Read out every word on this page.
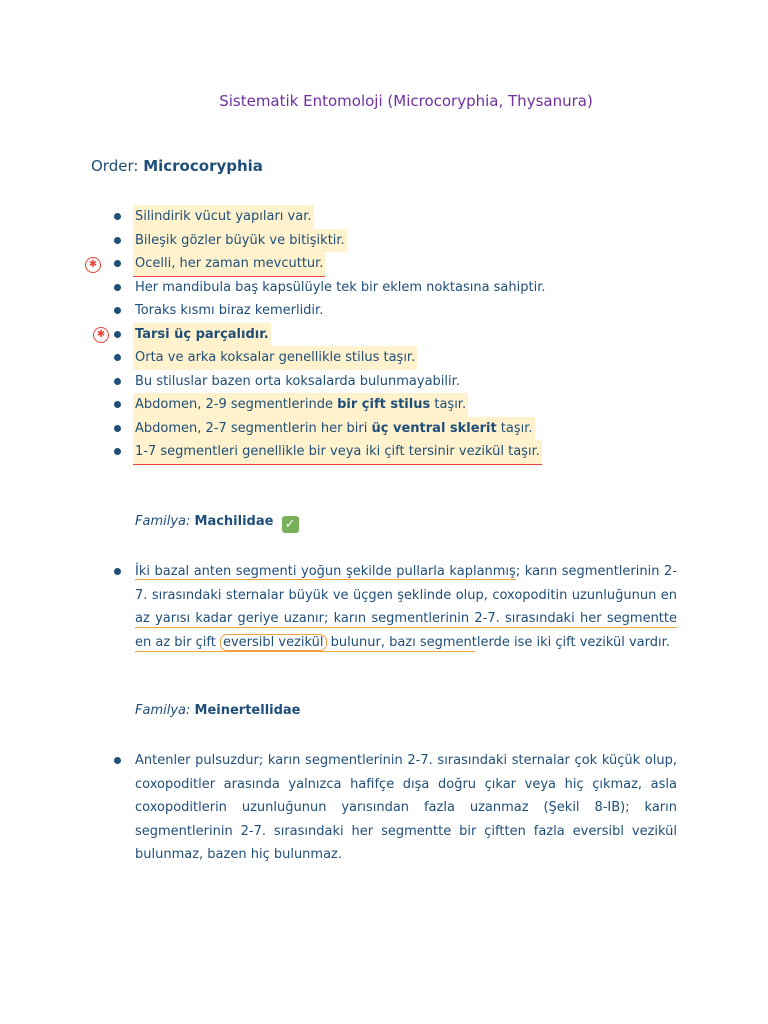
Sistematik Entomoloji (Microcoryphia, Thysanura)
Order: Microcoryphia
✱
✱
Silindirik vücut yapıları var.
Bileşik gözler büyük ve bitişiktir.
Ocelli, her zaman mevcuttur.
Her mandibula baş kapsülüyle tek bir eklem noktasına sahiptir.
Toraks kısmı biraz kemerlidir.
Tarsi üç parçalıdır.
Orta ve arka koksalar genellikle stilus taşır.
Bu stiluslar bazen orta koksalarda bulunmayabilir.
Abdomen, 2-9 segmentlerinde bir çift stilus taşır.
Abdomen, 2-7 segmentlerin her biri üç ventral sklerit taşır.
1-7 segmentleri genellikle bir veya iki çift tersinir vezikül taşır.
Familya: Machilidae ✓
İki bazal anten segmenti yoğun şekilde pullarla kaplanmış; karın segmentlerinin 2-7. sırasındaki sternalar büyük ve üçgen şeklinde olup, coxopoditin uzunluğunun en az yarısı kadar geriye uzanır; karın segmentlerinin 2-7. sırasındaki her segmentte en az bir çift eversibl vezikül bulunur, bazı segmentlerde ise iki çift vezikül vardır.
Familya: Meinertellidae
Antenler pulsuzdur; karın segmentlerinin 2-7. sırasındaki sternalar çok küçük olup, coxopoditler arasında yalnızca hafifçe dışa doğru çıkar veya hiç çıkmaz, asla coxopoditlerin uzunluğunun yarısından fazla uzanmaz (Şekil 8-IB); karın segmentlerinin 2-7. sırasındaki her segmentte bir çiftten fazla eversibl vezikül bulunmaz, bazen hiç bulunmaz.
